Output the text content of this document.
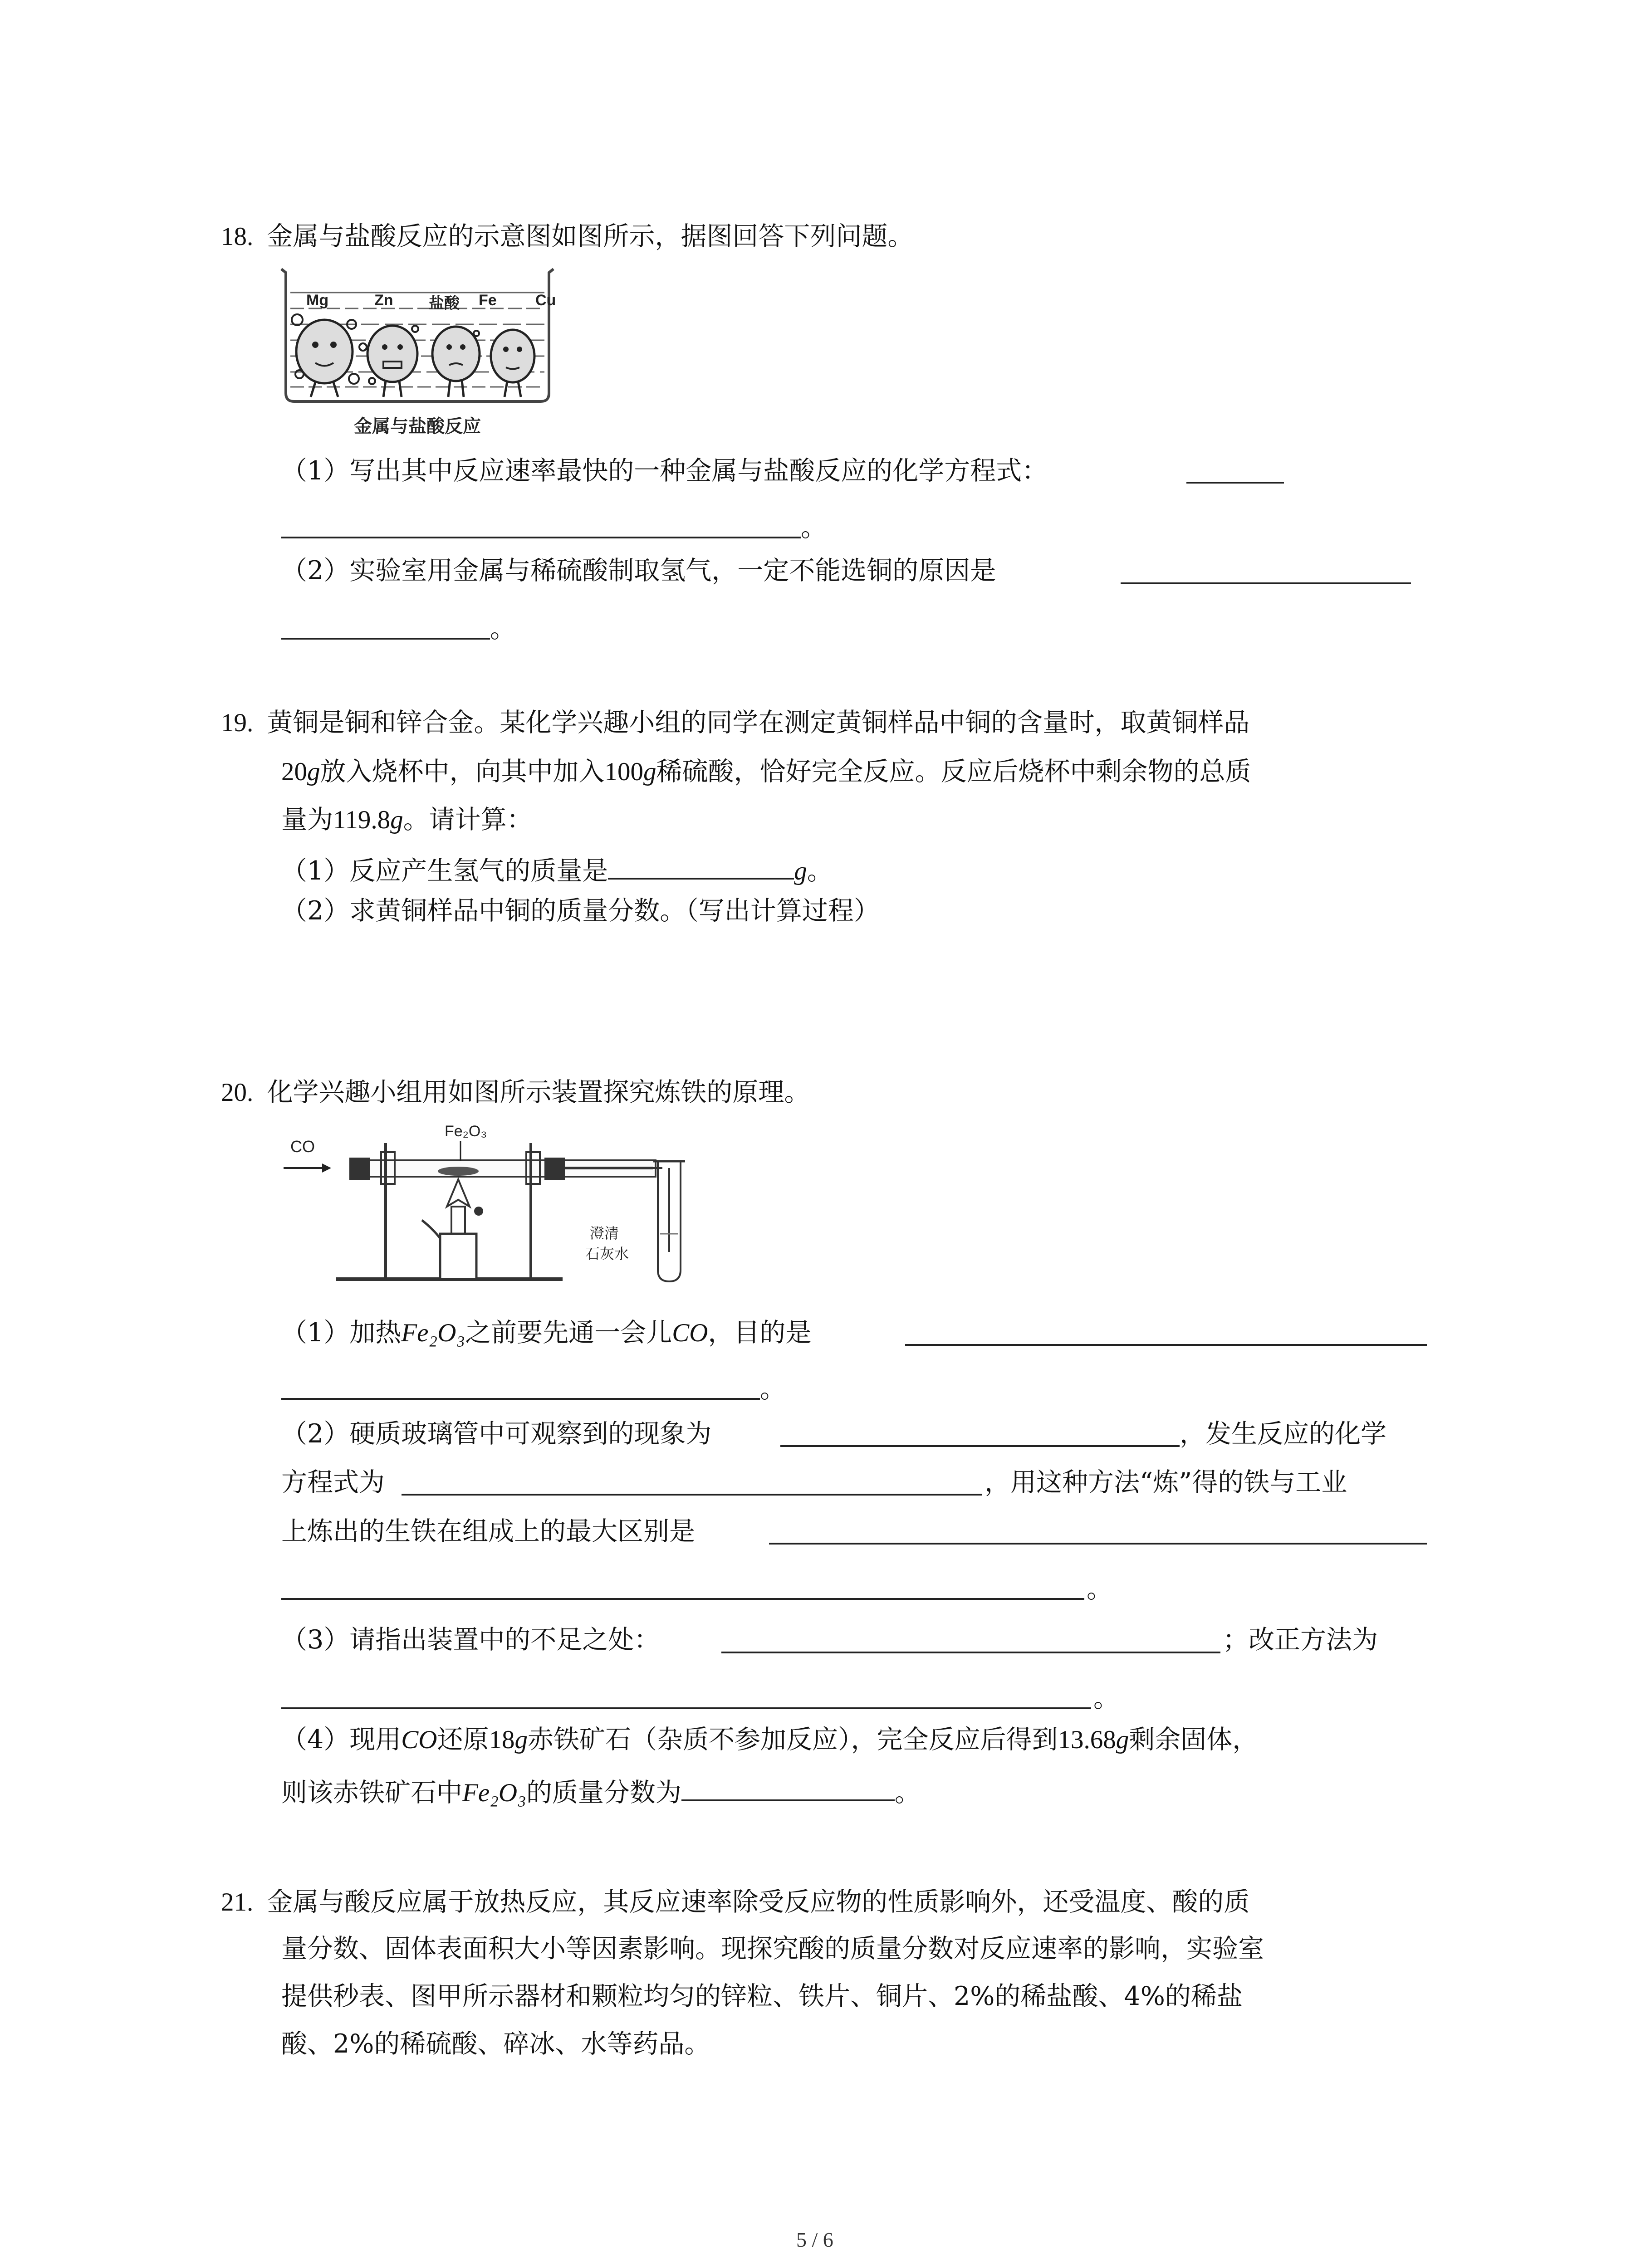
18. 金属与盐酸反应的示意图如图所示，据图回答下列问题。
Mg	Zn 盐酸 Fe	Cu
金属与盐酸反应
（1）写出其中反应速率最快的一种金属与盐酸反应的化学方程式：
。
（2）实验室用金属与稀硫酸制取氢气，一定不能选铜的原因是
。
19. 黄铜是铜和锌合金。某化学兴趣小组的同学在测定黄铜样品中铜的含量时，取黄铜样品
20g放入烧杯中，向其中加入100g稀硫酸，恰好完全反应。反应后烧杯中剩余物的总质
量为119.8g。请计算：
（1）反应产生氢气的质量是	g。
（2）求黄铜样品中铜的质量分数。（写出计算过程）
20. 化学兴趣小组用如图所示装置探究炼铁的原理。
CO
Fe₂O₃
澄清
石灰水
（1）加热Fe₂O₃之前要先通一会儿CO，目的是
。
（2）硬质玻璃管中可观察到的现象为	，发生反应的化学
方程式为	，用这种方法“炼”得的铁与工业
上炼出的生铁在组成上的最大区别是
。
（3）请指出装置中的不足之处：	；改正方法为
。
（4）现用CO还原18g赤铁矿石（杂质不参加反应），完全反应后得到13.68g剩余固体，
则该赤铁矿石中Fe₂O₃的质量分数为	。
21. 金属与酸反应属于放热反应，其反应速率除受反应物的性质影响外，还受温度、酸的质
量分数、固体表面积大小等因素影响。现探究酸的质量分数对反应速率的影响，实验室
提供秒表、图甲所示器材和颗粒均匀的锌粒、铁片、铜片、2%的稀盐酸、4%的稀盐
酸、2%的稀硫酸、碎冰、水等药品。
5 / 6
